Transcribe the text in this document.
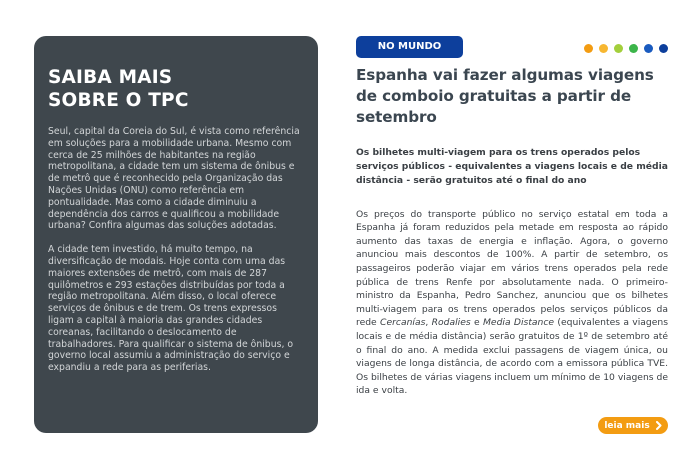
SAIBA MAIS
SOBRE O TPC

Seul, capital da Coreia do Sul, é vista como referência em soluções para a mobilidade urbana. Mesmo com cerca de 25 milhões de habitantes na região metropolitana, a cidade tem um sistema de ônibus e de metrô que é reconhecido pela Organização das Nações Unidas (ONU) como referência em pontualidade. Mas como a cidade diminuiu a dependência dos carros e qualificou a mobilidade urbana? Confira algumas das soluções adotadas.

A cidade tem investido, há muito tempo, na diversificação de modais. Hoje conta com uma das maiores extensões de metrô, com mais de 287 quilômetros e 293 estações distribuídas por toda a região metropolitana. Além disso, o local oferece serviços de ônibus e de trem. Os trens expressos ligam a capital à maioria das grandes cidades coreanas, facilitando o deslocamento de trabalhadores. Para qualificar o sistema de ônibus, o governo local assumiu a administração do serviço e expandiu a rede para as periferias.

NO MUNDO
Espanha vai fazer algumas viagens de comboio gratuitas a partir de setembro

Os bilhetes multi-viagem para os trens operados pelos serviços públicos - equivalentes a viagens locais e de média distância - serão gratuitos até o final do ano

Os preços do transporte público no serviço estatal em toda a Espanha já foram reduzidos pela metade em resposta ao rápido aumento das taxas de energia e inflação. Agora, o governo anunciou mais descontos de 100%. A partir de setembro, os passageiros poderão viajar em vários trens operados pela rede pública de trens Renfe por absolutamente nada. O primeiro-ministro da Espanha, Pedro Sanchez, anunciou que os bilhetes multi-viagem para os trens operados pelos serviços públicos da rede Cercanías, Rodalies e Media Distance (equivalentes a viagens locais e de média distância) serão gratuitos de 1º de setembro até o final do ano. A medida exclui passagens de viagem única, ou viagens de longa distância, de acordo com a emissora pública TVE. Os bilhetes de várias viagens incluem um mínimo de 10 viagens de ida e volta.

leia mais
